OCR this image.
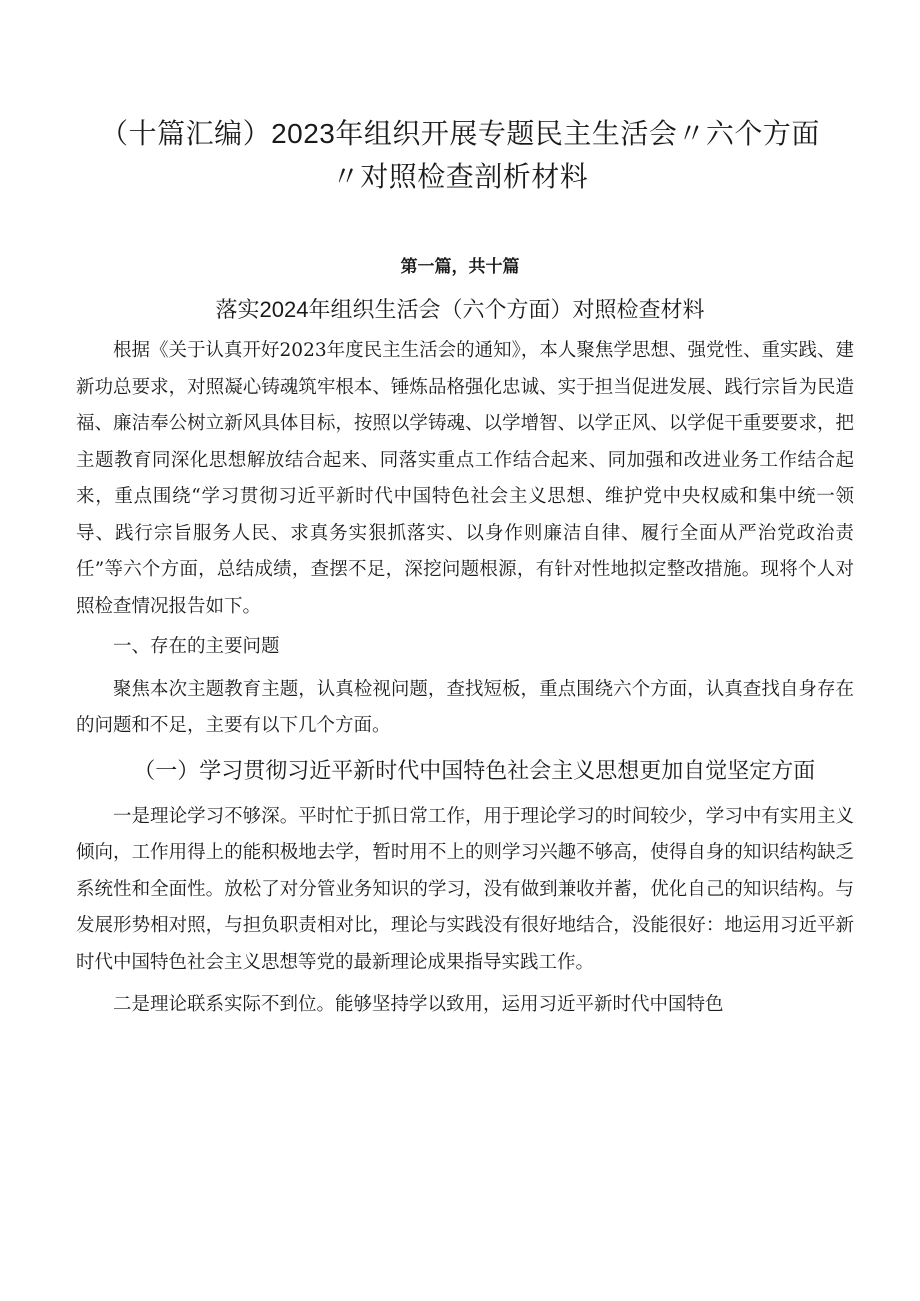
（十篇汇编）2023年组织开展专题民主生活会〃六个方面〃对照检查剖析材料
第一篇，共十篇
落实2024年组织生活会（六个方面）对照检查材料

根据《关于认真开好2023年度民主生活会的通知》，本人聚焦学思想、强党性、重实践、建新功总要求，对照凝心铸魂筑牢根本、锤炼品格强化忠诚、实于担当促进发展、践行宗旨为民造福、廉洁奉公树立新风具体目标，按照以学铸魂、以学增智、以学正风、以学促干重要要求，把主题教育同深化思想解放结合起来、同落实重点工作结合起来、同加强和改进业务工作结合起来，重点围绕“学习贯彻习近平新时代中国特色社会主义思想、维护党中央权威和集中统一领导、践行宗旨服务人民、求真务实狠抓落实、以身作则廉洁自律、履行全面从严治党政治责任”等六个方面，总结成绩，查摆不足，深挖问题根源，有针对性地拟定整改措施。现将个人对照检查情况报告如下。

一、存在的主要问题

聚焦本次主题教育主题，认真检视问题，查找短板，重点围绕六个方面，认真查找自身存在的问题和不足，主要有以下几个方面。

（一）学习贯彻习近平新时代中国特色社会主义思想更加自觉坚定方面

一是理论学习不够深。平时忙于抓日常工作，用于理论学习的时间较少，学习中有实用主义倾向，工作用得上的能积极地去学，暂时用不上的则学习兴趣不够高，使得自身的知识结构缺乏系统性和全面性。放松了对分管业务知识的学习，没有做到兼收并蓄，优化自己的知识结构。与发展形势相对照，与担负职责相对比，理论与实践没有很好地结合，没能很好：地运用习近平新时代中国特色社会主义思想等党的最新理论成果指导实践工作。

二是理论联系实际不到位。能够坚持学以致用，运用习近平新时代中国特色
